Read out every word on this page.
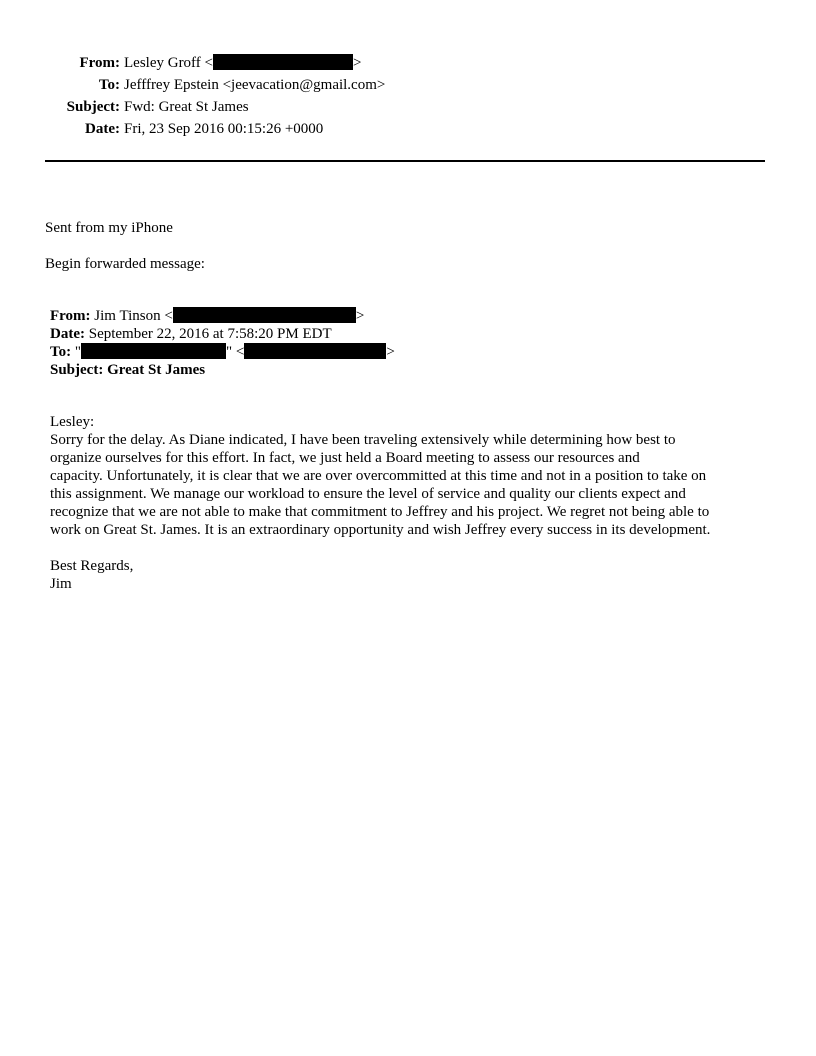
From: Lesley Groff <	>
To: Jefffrey Epstein <jeevacation@gmail.com>
Subject: Fwd: Great St James
Date: Fri, 23 Sep 2016 00:15:26 +0000
Sent from my iPhone
Begin forwarded message:
From: Jim Tinson <	>
Date: September 22, 2016 at 7:58:20 PM EDT
To: "	" <	>
Subject: Great St James
Lesley:
Sorry for the delay. As Diane indicated, I have been traveling extensively while determining how best to
organize ourselves for this effort. In fact, we just held a Board meeting to assess our resources and
capacity. Unfortunately, it is clear that we are over overcommitted at this time and not in a position to take on
this assignment. We manage our workload to ensure the level of service and quality our clients expect and
recognize that we are not able to make that commitment to Jeffrey and his project. We regret not being able to
work on Great St. James. It is an extraordinary opportunity and wish Jeffrey every success in its development.
Best Regards,
Jim
